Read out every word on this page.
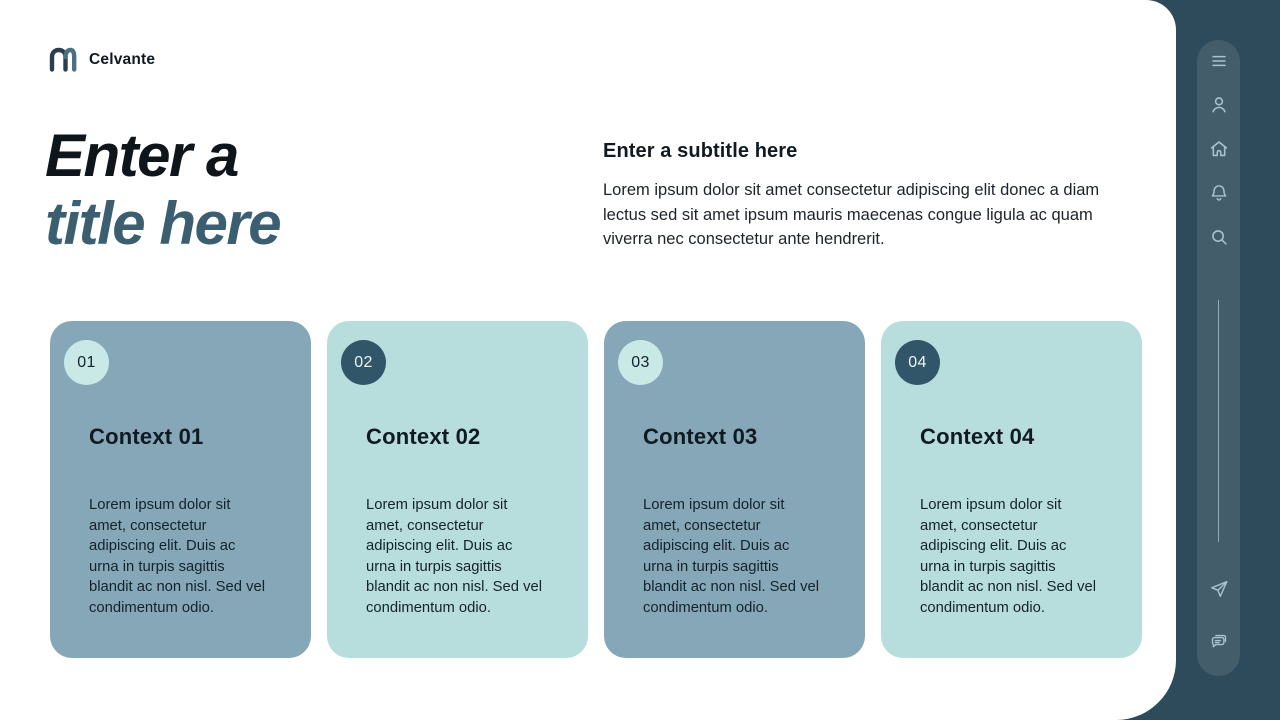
Celvante
Enter a
title here
Enter a subtitle here

Lorem ipsum dolor sit amet consectetur adipiscing elit donec a diam lectus sed sit amet ipsum mauris maecenas congue ligula ac quam viverra nec consectetur ante hendrerit.

01
Context 01

Lorem ipsum dolor sit amet, consectetur adipiscing elit. Duis ac urna in turpis sagittis blandit ac non nisl. Sed vel condimentum odio.

02
Context 02

Lorem ipsum dolor sit amet, consectetur adipiscing elit. Duis ac urna in turpis sagittis blandit ac non nisl. Sed vel condimentum odio.

03
Context 03

Lorem ipsum dolor sit amet, consectetur adipiscing elit. Duis ac urna in turpis sagittis blandit ac non nisl. Sed vel condimentum odio.

04
Context 04

Lorem ipsum dolor sit amet, consectetur adipiscing elit. Duis ac urna in turpis sagittis blandit ac non nisl. Sed vel condimentum odio.
